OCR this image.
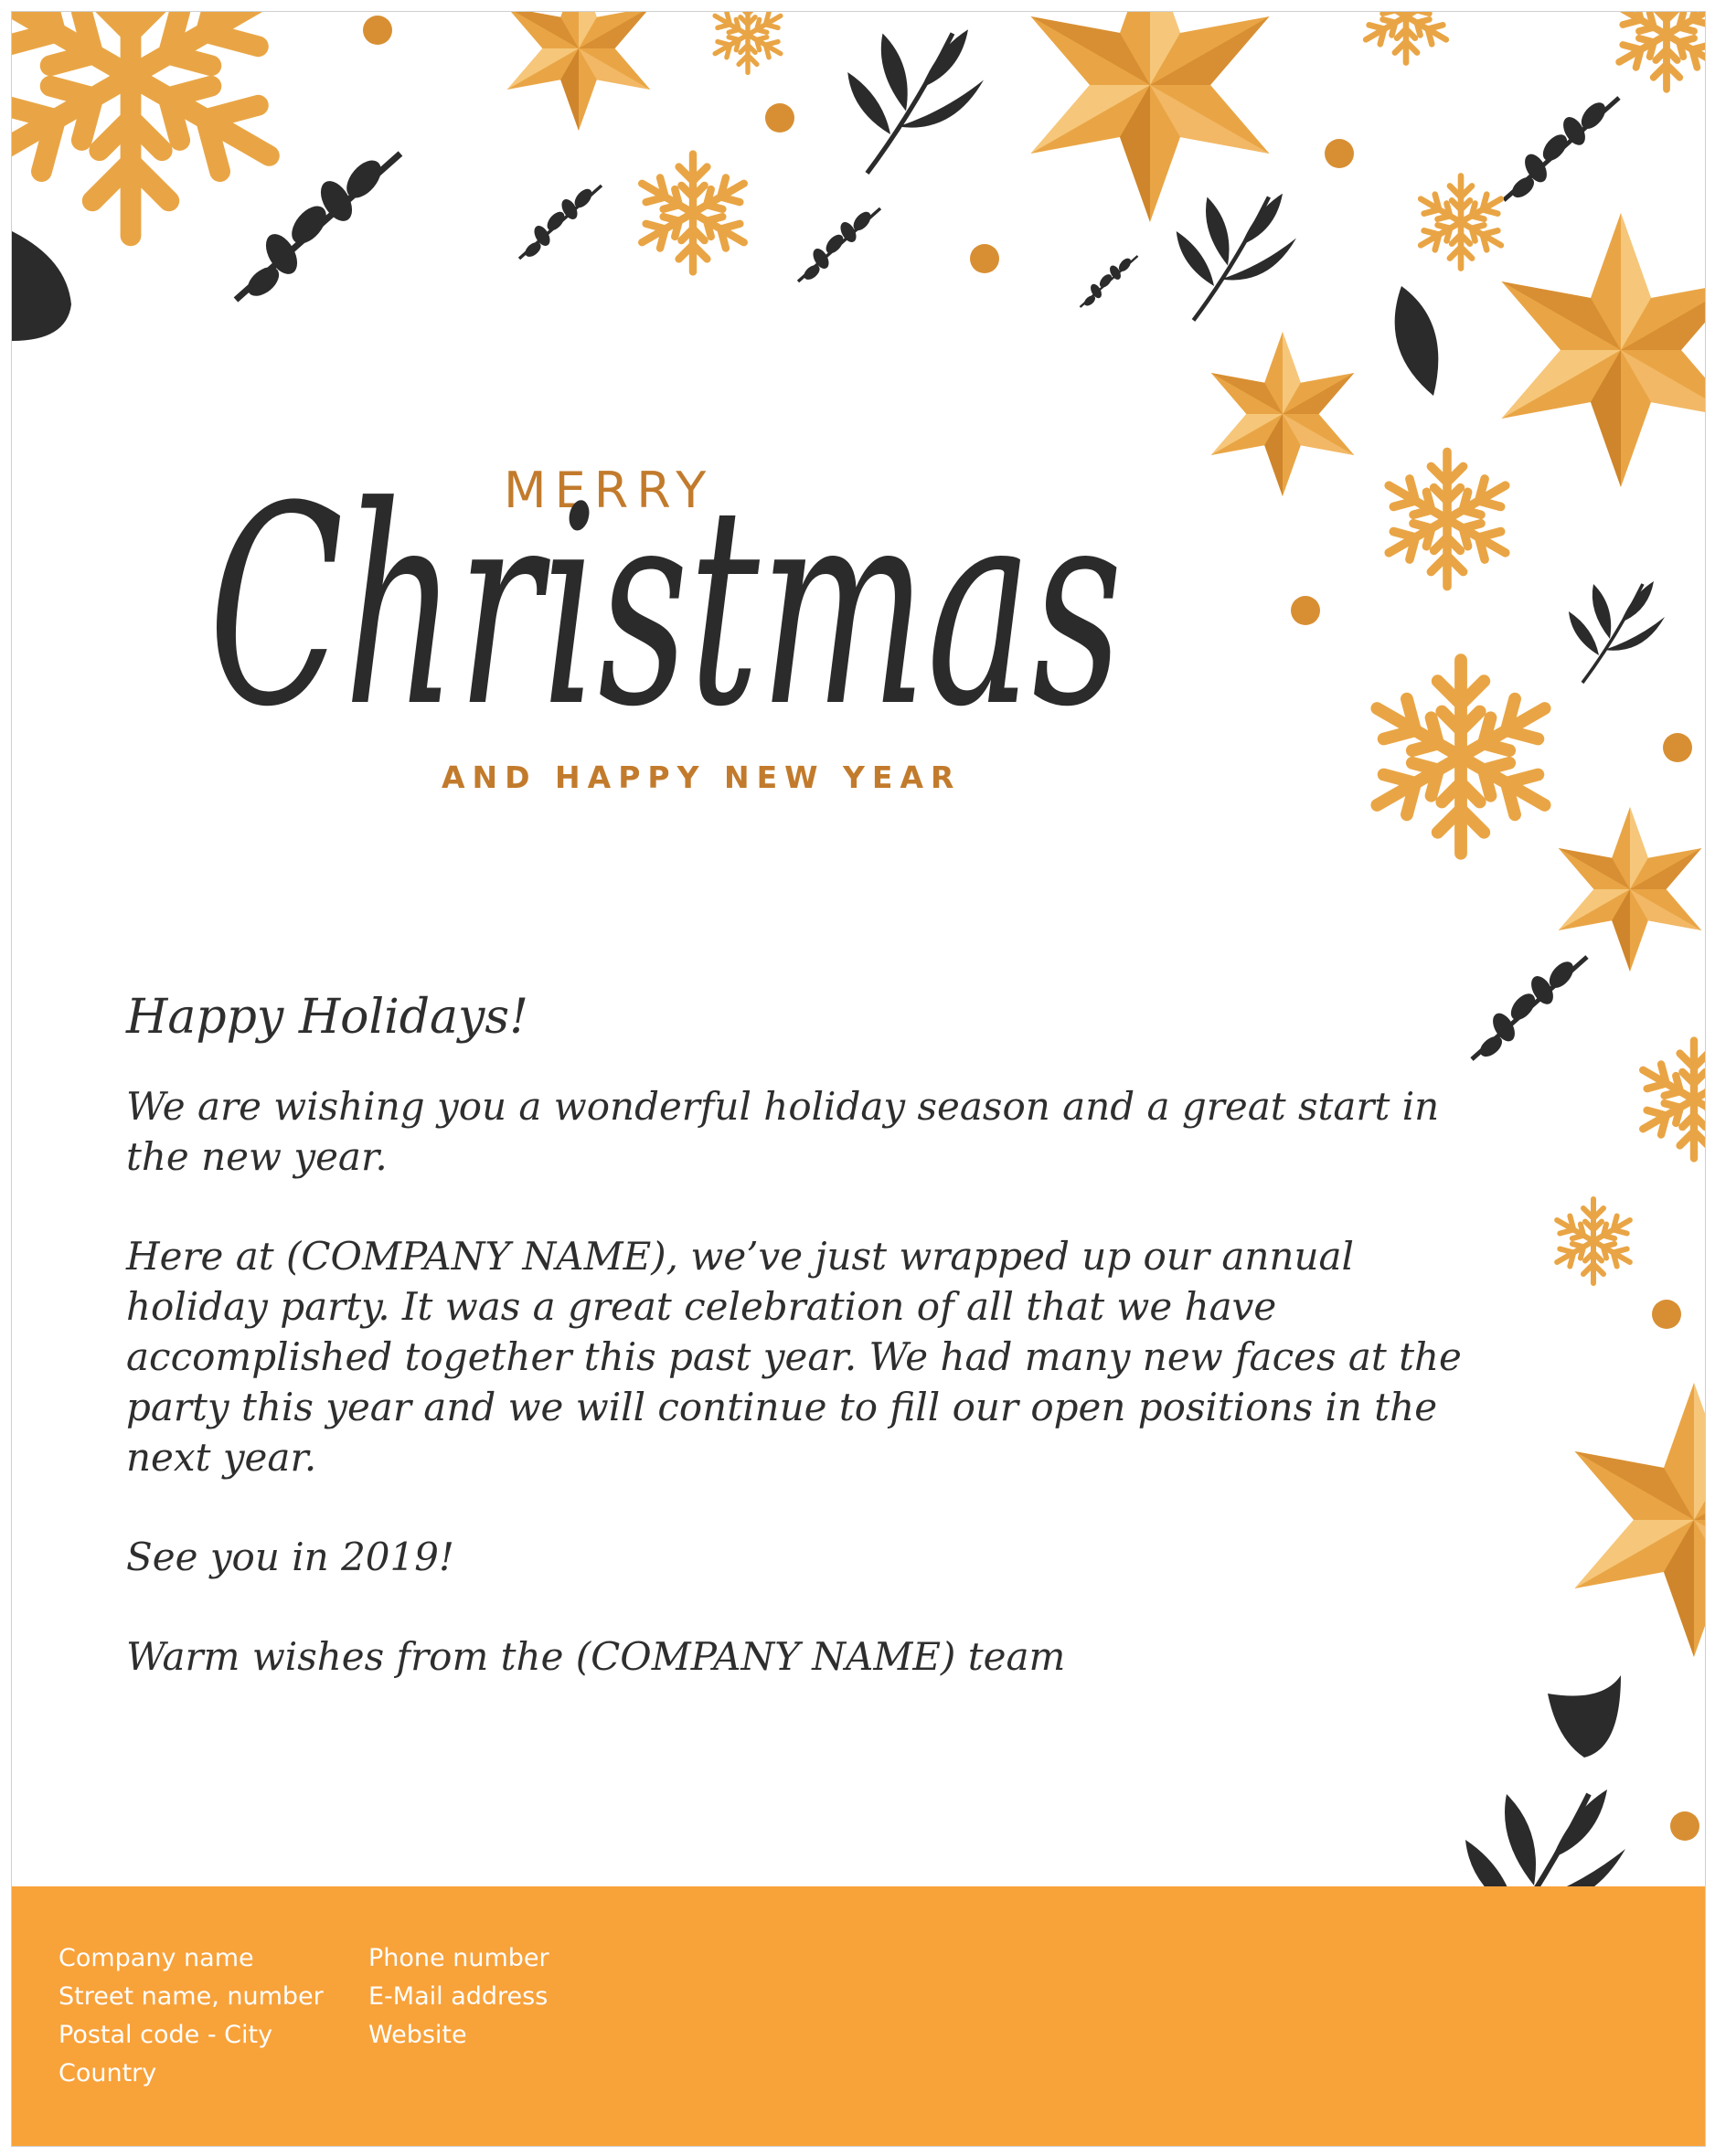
MERRY
Christmas
AND HAPPY NEW YEAR
Happy Holidays!

We are wishing you a wonderful holiday season and a great start in the new year.

Here at (COMPANY NAME), we’ve just wrapped up our annual holiday party. It was a great celebration of all that we have accomplished together this past year. We had many new faces at the party this year and we will continue to fill our open positions in the next year.

See you in 2019!

Warm wishes from the (COMPANY NAME) team

Company name
Street name, number
Postal code - City
Country
Phone number
E-Mail address
Website
